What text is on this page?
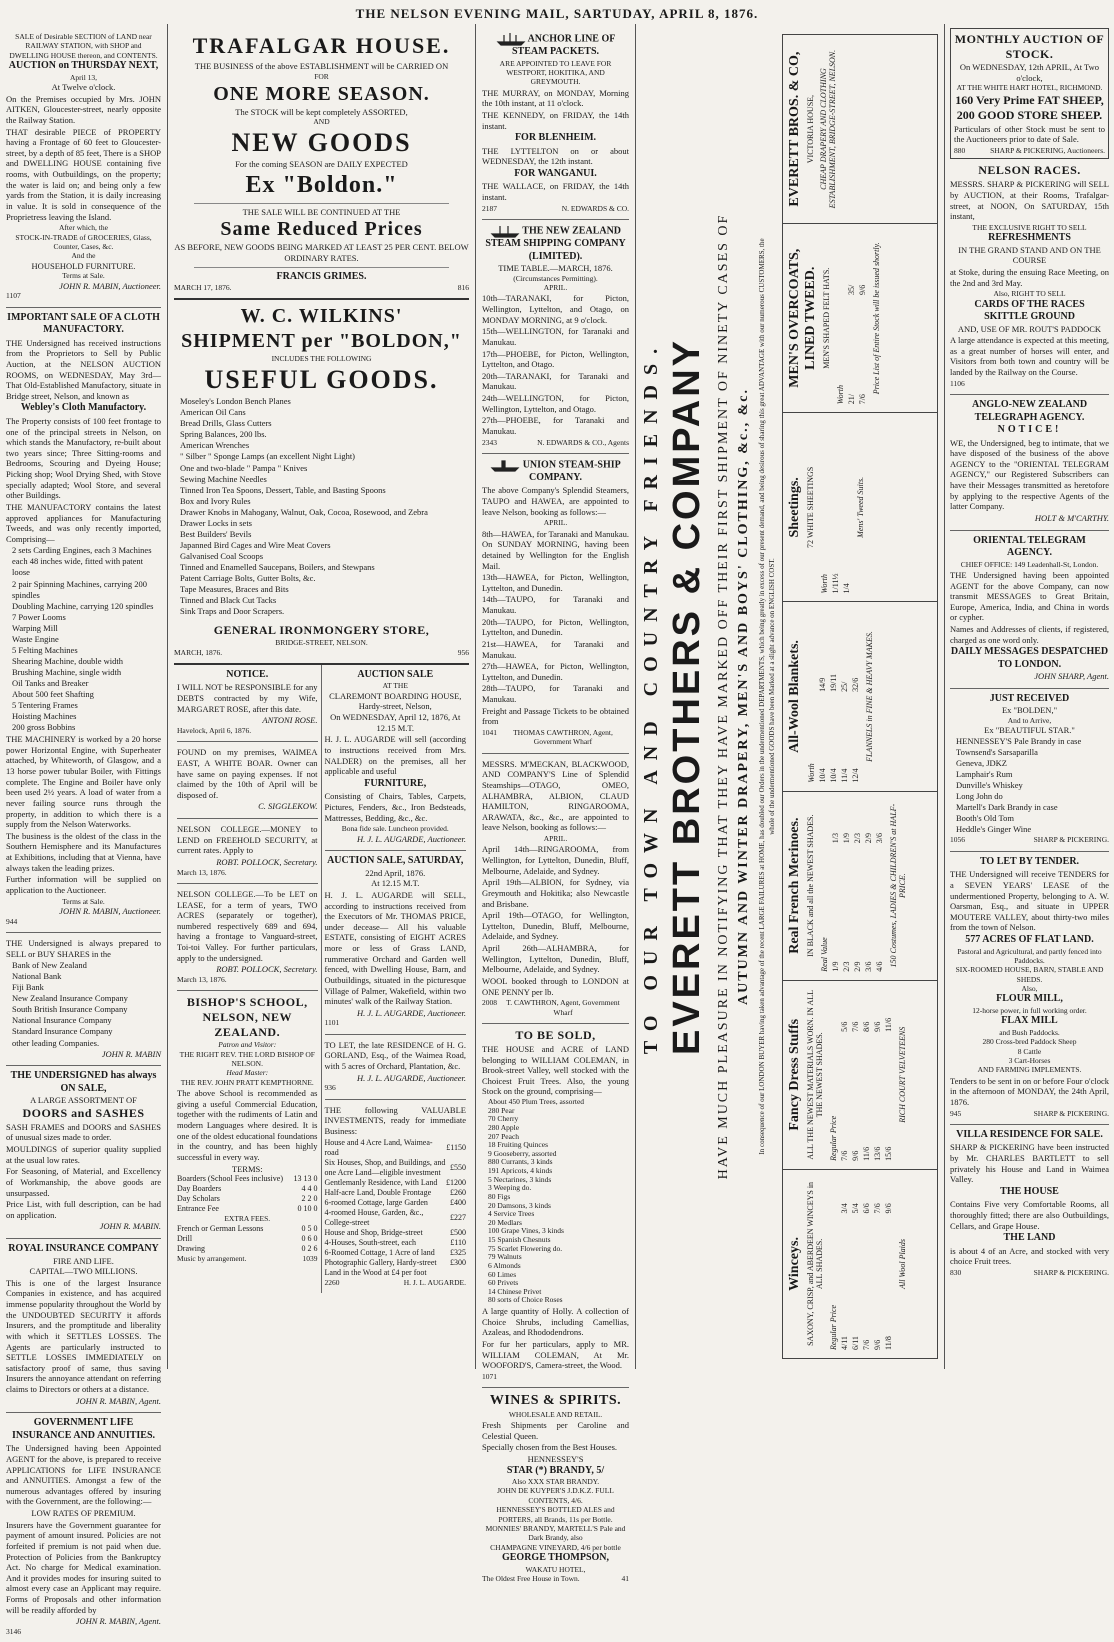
THE NELSON EVENING MAIL, SARTUDAY, APRIL 8, 1876.
SALE of Desirable SECTION of LAND near RAILWAY STATION, with SHOP and DWELLING HOUSE thereon, and CONTENTS.
AUCTION on THURSDAY NEXT,
April 13,
At Twelve o'clock.

On the Premises occupied by Mrs. JOHN AITKEN, Gloucester-street, nearly opposite the Railway Station.

THAT desirable PIECE of PROPERTY having a Frontage of 60 feet to Gloucester-street, by a depth of 85 feet, There is a SHOP and DWELLING HOUSE containing five rooms, with Outbuildings, on the property; the water is laid on; and being only a few yards from the Station, it is daily increasing in value. It is sold in consequence of the Proprietress leaving the Island.

After which, the
STOCK-IN-TRADE of GROCERIES, Glass, Counter, Cases, &c.
And the
HOUSEHOLD FURNITURE.
Terms at Sale.
JOHN R. MABIN, Auctioneer.
1107
IMPORTANT SALE OF A CLOTH MANUFACTORY.

THE Undersigned has received instructions from the Proprietors to Sell by Public Auction, at the NELSON AUCTION ROOMS, on WEDNESDAY, May 3rd— That Old-Established Manufactory, situate in Bridge street, Nelson, and known as

Webley's Cloth Manufactory.

The Property consists of 100 feet frontage to one of the principal streets in Nelson, on which stands the Manufactory, re-built about two years since; Three Sitting-rooms and Bedrooms, Scouring and Dyeing House; Picking shop; Wool Drying Shed, with Stove specially adapted; Wool Store, and several other Buildings.

THE MANUFACTORY contains the latest approved appliances for Manufacturing Tweeds, and was only recently imported, Comprising—

2 sets Carding Engines, each 3 Machines each 48 inches wide, fitted with patent loose
2 pair Spinning Machines, carrying 200 spindles
Doubling Machine, carrying 120 spindles
7 Power Looms
Warping Mill
Waste Engine
5 Felting Machines
Shearing Machine, double width
Brushing Machine, single width
Oil Tanks and Breaker
About 500 feet Shafting
5 Tentering Frames
Hoisting Machines
200 gross Bobbins

THE MACHINERY is worked by a 20 horse power Horizontal Engine, with Superheater attached, by Whiteworth, of Glasgow, and a 13 horse power tubular Boiler, with Fittings complete. The Engine and Boiler have only been used 2½ years. A load of water from a never failing source runs through the property, in addition to which there is a supply from the Nelson Waterworks.

The business is the oldest of the class in the Southern Hemisphere and its Manufactures at Exhibitions, including that at Vienna, have always taken the leading prizes.

Further information will be supplied on application to the Auctioneer.

Terms at Sale.
JOHN R. MABIN, Auctioneer.
944

THE Undersigned is always prepared to SELL or BUY SHARES in the

Bank of New Zealand
National Bank
Fiji Bank
New Zealand Insurance Company
South British Insurance Company
National Insurance Company
Standard Insurance Company
other leading Companies.
JOHN R. MABIN
THE UNDERSIGNED has always ON SALE,
A LARGE ASSORTMENT OF
DOORS and SASHES

SASH FRAMES and DOORS and SASHES of unusual sizes made to order.

MOULDINGS of superior quality supplied at the usual low rates.

For Seasoning, of Material, and Excellency of Workmanship, the above goods are unsurpassed.

Price List, with full description, can be had on application.

JOHN R. MABIN.
ROYAL INSURANCE COMPANY
FIRE AND LIFE.
CAPITAL—TWO MILLIONS.

This is one of the largest Insurance Companies in existence, and has acquired immense popularity throughout the World by the UNDOUBTED SECURITY it affords Insurers, and the promptitude and liberality with which it SETTLES LOSSES. The Agents are particularly instructed to SETTLE LOSSES IMMEDIATELY on satisfactory proof of same, thus saving Insurers the annoyance attendant on referring claims to Directors or others at a distance.

JOHN R. MABIN, Agent.
GOVERNMENT LIFE INSURANCE AND ANNUITIES.

The Undersigned having been Appointed AGENT for the above, is prepared to receive APPLICATIONS for LIFE INSURANCE and ANNUITIES. Amongst a few of the numerous advantages offered by insuring with the Government, are the following:—

LOW RATES OF PREMIUM.

Insurers have the Government guarantee for payment of amount insured. Policies are not forfeited if premium is not paid when due. Protection of Policies from the Bankruptcy Act. No charge for Medical examination. And it provides modes for insuring suited to almost every case an Applicant may require. Forms of Proposals and other information will be readily afforded by

JOHN R. MABIN, Agent.
3146
TRAFALGAR HOUSE.

THE BUSINESS of the above ESTABLISHMENT will be CARRIED ON

FOR
ONE MORE SEASON.
The STOCK will be kept completely ASSORTED,
AND
NEW GOODS
For the coming SEASON are DAILY EXPECTED
Ex "Boldon."
THE SALE WILL BE CONTINUED AT THE
Same Reduced Prices
AS BEFORE, NEW GOODS BEING MARKED AT LEAST 25 PER CENT. BELOW ORDINARY RATES.
FRANCIS GRIMES.
MARCH 17, 1876.	816
W. C. WILKINS'
SHIPMENT per "BOLDON,"
INCLUDES THE FOLLOWING
USEFUL GOODS.
Moseley's London Bench Planes
American Oil Cans
Bread Drills, Glass Cutters
Spring Balances, 200 lbs.
American Wrenches
" Silber " Sponge Lamps (an excellent Night Light)
One and two-blade " Pampa " Knives
Sewing Machine Needles
Tinned Iron Tea Spoons, Dessert, Table, and Basting Spoons
Box and Ivory Rules
Drawer Knobs in Mahogany, Walnut, Oak, Cocoa, Rosewood, and Zebra
Drawer Locks in sets
Best Builders' Bevils
Japanned Bird Cages and Wire Meat Covers
Galvanised Coal Scoops
Tinned and Enamelled Saucepans, Boilers, and Stewpans
Patent Carriage Bolts, Gutter Bolts, &c.
Tape Measures, Braces and Bits
Tinned and Black Cut Tacks
Sink Traps and Door Scrapers.
GENERAL IRONMONGERY STORE,
BRIDGE-STREET, NELSON.
MARCH, 1876.	956
NOTICE.

I WILL NOT be RESPONSIBLE for any DEBTS contracted by my Wife, MARGARET ROSE, after this date.

ANTONI ROSE.
Havelock, April 6, 1876.

FOUND on my premises, WAIMEA EAST, A WHITE BOAR. Owner can have same on paying expenses. If not claimed by the 10th of April will be disposed of.

C. SIGGLEKOW.

NELSON COLLEGE.—MONEY to LEND on FREEHOLD SECURITY, at current rates. Apply to

ROBT. POLLOCK, Secretary.
March 13, 1876.

NELSON COLLEGE.—To be LET on LEASE, for a term of years, TWO ACRES (separately or together), numbered respectively 689 and 694, having a frontage to Vanguard-street, Toi-toi Valley. For further particulars, apply to the undersigned.

ROBT. POLLOCK, Secretary.
March 13, 1876.
BISHOP'S SCHOOL, NELSON, NEW ZEALAND.
Patron and Visitor:
THE RIGHT REV. THE LORD BISHOP OF NELSON.
Head Master:
THE REV. JOHN PRATT KEMPTHORNE.

The above School is recommended as giving a useful Commercial Education, together with the rudiments of Latin and modern Languages where desired. It is one of the oldest educational foundations in the country, and has been highly successful in every way.

TERMS:
Boarders (School Fees inclusive)	13 13 0
Day Boarders	4 4 0
Day Scholars	2 2 0
Entrance Fee	0 10 0
EXTRA FEES.
French or German Lessons	0 5 0
Drill	0 6 0
Drawing	0 2 6
Music by arrangement.	1039
AUCTION SALE
AT THE
CLAREMONT BOARDING HOUSE, Hardy-street, Nelson,
On WEDNESDAY, April 12, 1876, At 12.15 M.T.

H. J. L. AUGARDE will sell (according to instructions received from Mrs. NALDER) on the premises, all her applicable and useful

FURNITURE,

Consisting of Chairs, Tables, Carpets, Pictures, Fenders, &c., Iron Bedsteads, Mattresses, Bedding, &c., &c.

Bona fide sale. Luncheon provided.
H. J. L. AUGARDE, Auctioneer.
AUCTION SALE, SATURDAY,
22nd April, 1876.
At 12.15 M.T.

H. J. L. AUGARDE will SELL, according to instructions received from the Executors of Mr. THOMAS PRICE, under decease— All his valuable ESTATE, consisting of EIGHT ACRES more or less of Grass LAND, rummerative Orchard and Garden well fenced, with Dwelling House, Barn, and Outbuildings, situated in the picturesque Village of Palmer, Wakefield, within two minutes' walk of the Railway Station.

H. J. L. AUGARDE, Auctioneer.
1101

TO LET, the late RESIDENCE of H. G. GORLAND, Esq., of the Waimea Road, with 5 acres of Orchard, Plantation, &c.

H. J. L. AUGARDE, Auctioneer.
936

THE following VALUABLE INVESTMENTS, ready for immediate Business:

House and 4 Acre Land, Waimea-road	£1150
Six Houses, Shop, and Buildings, and one Acre Land—eligible investment	£550
Gentlemanly Residence, with Land	£1200
Half-acre Land, Double Frontage	£260
6-roomed Cottage, large Garden	£400
4-roomed House, Garden, &c., College-street	£227
House and Shop, Bridge-street	£500
4-Houses, South-street, each	£110
6-Roomed Cottage, 1 Acre of land	£325
Photographic Gallery, Hardy-street	£300
Land in the Wood at £4 per foot	
2260	H. J. L. AUGARDE.
ANCHOR LINE OF STEAM PACKETS.
ARE APPOINTED TO LEAVE FOR WESTPORT, HOKITIKA, AND GREYMOUTH.

THE MURRAY, on MONDAY, Morning the 10th instant, at 11 o'clock.

THE KENNEDY, on FRIDAY, the 14th instant.

FOR BLENHEIM.

THE LYTTELTON on or about WEDNESDAY, the 12th instant.

FOR WANGANUI.

THE WALLACE, on FRIDAY, the 14th instant.

2187	N. EDWARDS & CO.
THE NEW ZEALAND STEAM SHIPPING COMPANY (LIMITED).
TIME TABLE.—MARCH, 1876.
(Circumstances Permitting).
APRIL.

10th—TARANAKI, for Picton, Wellington, Lyttelton, and Otago, on MONDAY MORNING, at 9 o'clock.

15th—WELLINGTON, for Taranaki and Manukau.

17th—PHOEBE, for Picton, Wellington, Lyttelton, and Otago.

20th—TARANAKI, for Taranaki and Manukau.

24th—WELLINGTON, for Picton, Wellington, Lyttelton, and Otago.

27th—PHOEBE, for Taranaki and Manukau.

2343	N. EDWARDS & CO., Agents
UNION STEAM-SHIP COMPANY.

The above Company's Splendid Steamers, TAUPO and HAWEA, are appointed to leave Nelson, booking as follows:—

APRIL.

8th—HAWEA, for Taranaki and Manukau. On SUNDAY MORNING, having been detained by Wellington for the English Mail.

13th—HAWEA, for Picton, Wellington, Lyttelton, and Dunedin.

14th—TAUPO, for Taranaki and Manukau.

20th—TAUPO, for Picton, Wellington, Lyttelton, and Dunedin.

21st—HAWEA, for Taranaki and Manukau.

27th—HAWEA, for Picton, Wellington, Lyttelton, and Dunedin.

28th—TAUPO, for Taranaki and Manukau.

Freight and Passage Tickets to be obtained from

1041	THOMAS CAWTHRON, Agent, Government Wharf

MESSRS. M'MECKAN, BLACKWOOD, AND COMPANY'S Line of Splendid Steamships—OTAGO, OMEO, ALHAMBRA, ALBION, CLAUD HAMILTON, RINGAROOMA, ARAWATA, &c., &c., are appointed to leave Nelson, booking as follows:—

APRIL.

April 14th—RINGAROOMA, from Wellington, for Lyttelton, Dunedin, Bluff, Melbourne, Adelaide, and Sydney.

April 19th—ALBION, for Sydney, via Greymouth and Hokitika; also Newcastle and Brisbane.

April 19th—OTAGO, for Wellington, Lyttelton, Dunedin, Bluff, Melbourne, Adelaide, and Sydney.

April 26th—ALHAMBRA, for Wellington, Lyttelton, Dunedin, Bluff, Melbourne, Adelaide, and Sydney.

WOOL booked through to LONDON at ONE PENNY per lb.

2008	T. CAWTHRON, Agent, Government Wharf
TO BE SOLD,

THE HOUSE and ACRE of LAND belonging to WILLIAM COLEMAN, in Brook-street Valley, well stocked with the Choicest Fruit Trees. Also, the young Stock on the ground, comprising—

About 450 Plum Trees, assorted
280 Pear
70 Cherry
280 Apple
207 Peach
18 Fruiting Quinces
9 Gooseberry, assorted
880 Currants, 3 kinds
191 Apricots, 4 kinds
5 Nectarines, 3 kinds
3 Weeping do.
80 Figs
20 Damsons, 3 kinds
4 Service Trees
20 Medlars
100 Grape Vines, 3 kinds
15 Spanish Chesnuts
75 Scarlet Flowering do.
79 Walnuts
6 Almonds
60 Limes
60 Privets
14 Chinese Privet
80 sorts of Choice Roses

A large quantity of Holly. A collection of Choice Shrubs, including Camellias, Azaleas, and Rhododendrons.

For fur her particulars, apply to MR. WILLIAM COLEMAN, At Mr. WOOFORD'S, Camera-street, the Wood.

1071
WINES & SPIRITS.
WHOLESALE AND RETAIL.

Fresh Shipments per Caroline and Celestial Queen.

Specially chosen from the Best Houses.

HENNESSEY'S
STAR (*) BRANDY, 5/
Also XXX STAR BRANDY.
JOHN DE KUYPER'S J.D.K.Z. FULL CONTENTS, 4/6.
HENNESSEY'S BOTTLED ALES and PORTERS, all Brands, 11s per Bottle.
MONNIES' BRANDY, MARTELL'S Pale and Dark Brandy, also
CHAMPAGNE VINEYARD, 4/6 per bottle
GEORGE THOMPSON,
WAKATU HOTEL,
The Oldest Free House in Town.	41
TO OUR TOWN AND COUNTRY FRIENDS. EVERETT BROTHERS & COMPANY HAVE MUCH PLEASURE IN NOTIFYING THAT THEY HAVE MARKED OFF THEIR FIRST SHIPMENT OF NINETY CASES OF AUTUMN AND WINTER DRAPERY, MEN'S AND BOYS' CLOTHING, &c., &c. In consequence of our LONDON BUYER having taken advantage of the recent LARGE FAILURES at HOME, has doubled our Orders in the undermentioned DEPARTMENTS, which being greatly in excess of our present demand, and being desirous of sharing this great ADVANTAGE with our numerous CUSTOMERS, the whole of the undermentioned GOODS have been Marked at a slight advance on ENGLISH COST.
Winceys. SAXONY, CRISP, and ABERDEEN WINCEYS in ALL SHADES.
Regular Price	
4/11	3/4
6/11	5/4
7/6	6/6
9/6	7/6
11/8	9/6
All Wool Plaids
Fancy Dress Stuffs ALL THE NEWEST MATERIALS WORN. IN ALL THE NEWEST SHADES.
Regular Price	
7/6	5/6
9/6	7/6
11/6	8/6
13/6	9/6
15/6	11/6
RICH COURT VELVETEENS
Real French Merinoes. IN BLACK and all the NEWEST SHADES. Real Value	
1/9	1/3
2/3	1/9
2/9	2/3
3/6	2/9
4/6	3/6 150 Costumes, LADIES & CHILDREN'S at HALF-PRICE.
All-Wool Blankets.
Worth	
10/4	14/9
10/4	19/11
11/4	25/
12/4	32/6 FLANNELS in FINE & HEAVY MAKES.
Sheetings. 72 WHITE SHEETINGS
Worth	
1/11½	
1/4	
Mens' Tweed Suits.
MEN'S OVERCOATS, LINED TWEED. MEN'S SHAPED FELT HATS.
Worth	
21/	35/
7/6	9/6 Price List of Entire Stock will be issued shortly.
EVERETT BROS. & CO, VICTORIA HOUSE, CHEAP DRAPERY AND CLOTHING ESTABLISHMENT, BRIDGE-STREET, NELSON.
MONTHLY AUCTION OF STOCK.
On WEDNESDAY, 12th APRIL, At Two o'clock,
AT THE WHITE HART HOTEL, RICHMOND.
160 Very Prime FAT SHEEP,
200 GOOD STORE SHEEP.

Particulars of other Stock must be sent to the Auctioneers prior to date of Sale.

880	SHARP & PICKERING, Auctioneers.
NELSON RACES.

MESSRS. SHARP & PICKERING will SELL by AUCTION, at their Rooms, Trafalgar-street, at NOON, On SATURDAY, 15th instant,

THE EXCLUSIVE RIGHT TO SELL
REFRESHMENTS
IN THE GRAND STAND AND ON THE COURSE

at Stoke, during the ensuing Race Meeting, on the 2nd and 3rd May.

Also, RIGHT TO SELL
CARDS OF THE RACES
SKITTLE GROUND
AND, USE OF MR. ROUT'S PADDOCK

A large attendance is expected at this meeting, as a great number of horses will enter, and Visitors from both town and country will be landed by the Railway on the Course.

1106
ANGLO-NEW ZEALAND TELEGRAPH AGENCY.
NOTICE!

WE, the Undersigned, beg to intimate, that we have disposed of the business of the above AGENCY to the "ORIENTAL TELEGRAM AGENCY," our Registered Subscribers can have their Messages transmitted as heretofore by applying to the respective Agents of the latter Company.

HOLT & M'CARTHY.
ORIENTAL TELEGRAM AGENCY.
CHIEF OFFICE: 149 Leadenhall-St, London.

THE Undersigned having been appointed AGENT for the above Company, can now transmit MESSAGES to Great Britain, Europe, America, India, and China in words or cypher.

Names and Addresses of clients, if registered, charged as one word only.

DAILY MESSAGES DESPATCHED TO LONDON.
JOHN SHARP, Agent.
JUST RECEIVED
Ex "BOLDEN,"
And to Arrive,
Ex "BEAUTIFUL STAR."
HENNESSEY'S Pale Brandy in case
Townsend's Sarsaparilla
Geneva, JDKZ
Lamphair's Rum
Dunville's Whiskey
Long John do
Martell's Dark Brandy in case
Booth's Old Tom
Heddle's Ginger Wine
1056	SHARP & PICKERING.
TO LET BY TENDER.

THE Undersigned will receive TENDERS for a SEVEN YEARS' LEASE of the undermentioned Property, belonging to A. W. Oarsman, Esq., and situate in UPPER MOUTERE VALLEY, about thirty-two miles from the town of Nelson.

577 ACRES OF FLAT LAND.
Pastoral and Agricultural, and partly fenced into Paddocks.
SIX-ROOMED HOUSE, BARN, STABLE AND SHEDS.
Also,
FLOUR MILL,
12-horse power, in full working order.
FLAX MILL
and Bush Paddocks.
280 Cross-bred Paddock Sheep
8 Cattle
3 Cart-Horses
AND FARMING IMPLEMENTS.

Tenders to be sent in on or before Four o'clock in the afternoon of MONDAY, the 24th April, 1876.

945	SHARP & PICKERING.
VILLA RESIDENCE FOR SALE.

SHARP & PICKERING have been instructed by Mr. CHARLES BARTLETT to sell privately his House and Land in Waimea Valley.

THE HOUSE

Contains Five very Comfortable Rooms, all thoroughly fitted; there are also Outbuildings, Cellars, and Grape House.

THE LAND

is about 4 of an Acre, and stocked with very choice Fruit trees.

830	SHARP & PICKERING.
